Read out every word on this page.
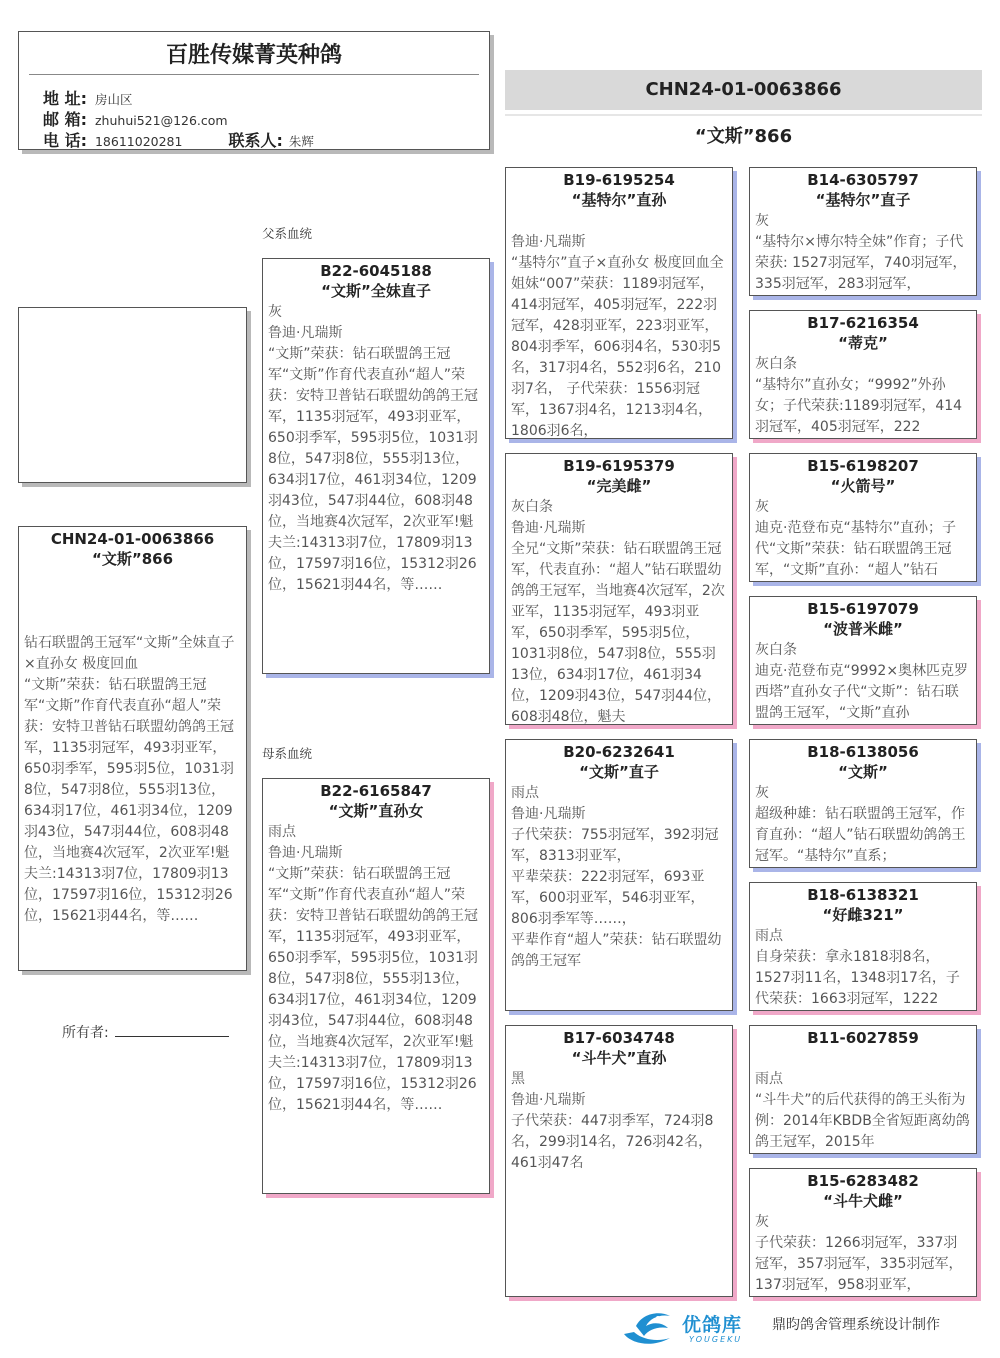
百胜传媒菁英种鸽
地 址: 房山区
邮 箱: zhuhui521@126.com
电 话: 18611020281	联系人: 朱辉
CHN24-01-0063866
“文斯”866
CHN24-01-0063866
“文斯”866
钻石联盟鸽王冠军“文斯”全妹直子×直孙女 极度回血
“文斯”荣获：钻石联盟鸽王冠军“文斯”作育代表直孙“超人”荣获：安特卫普钻石联盟幼鸽鸽王冠军，1135羽冠军，493羽亚军，650羽季军，595羽5位，1031羽8位，547羽8位，555羽13位，634羽17位，461羽34位，1209羽43位，547羽44位，608羽48位，当地赛4次冠军，2次亚军!魁夫兰:14313羽7位，17809羽13位，17597羽16位，15312羽26位，15621羽44名，等……
所有者:
父系血统
母系血统
B22-6045188
“文斯”全妹直子
灰
鲁迪·凡瑞斯
“文斯”荣获：钻石联盟鸽王冠军“文斯”作育代表直孙“超人”荣获：安特卫普钻石联盟幼鸽鸽王冠军，1135羽冠军，493羽亚军，650羽季军，595羽5位，1031羽8位，547羽8位，555羽13位，634羽17位，461羽34位，1209羽43位，547羽44位，608羽48位，当地赛4次冠军，2次亚军!魁夫兰:14313羽7位，17809羽13位，17597羽16位，15312羽26位，15621羽44名，等……
B22-6165847
“文斯”直孙女
雨点
鲁迪·凡瑞斯
“文斯”荣获：钻石联盟鸽王冠军“文斯”作育代表直孙“超人”荣获：安特卫普钻石联盟幼鸽鸽王冠军，1135羽冠军，493羽亚军，650羽季军，595羽5位，1031羽8位，547羽8位，555羽13位，634羽17位，461羽34位，1209羽43位，547羽44位，608羽48位，当地赛4次冠军，2次亚军!魁夫兰:14313羽7位，17809羽13位，17597羽16位，15312羽26位，15621羽44名，等……
B19-6195254
“基特尔”直孙
鲁迪·凡瑞斯
“基特尔”直子×直孙女 极度回血全姐妹“007”荣获：1189羽冠军，414羽冠军，405羽冠军，222羽冠军，428羽亚军，223羽亚军，804羽季军，606羽4名，530羽5名，317羽4名，552羽6名，210羽7名， 子代荣获：1556羽冠军，1367羽4名，1213羽4名，1806羽6名，
B19-6195379
“完美雌”
灰白条
鲁迪·凡瑞斯
全兄“文斯”荣获：钻石联盟鸽王冠军，代表直孙：“超人”钻石联盟幼鸽鸽王冠军，当地赛4次冠军，2次亚军，1135羽冠军，493羽亚军，650羽季军，595羽5位，1031羽8位，547羽8位，555羽13位，634羽17位，461羽34位，1209羽43位，547羽44位，608羽48位，魁夫
B20-6232641
“文斯”直子
雨点
鲁迪·凡瑞斯
子代荣获：755羽冠军，392羽冠军，8313羽亚军，
平辈荣获：222羽冠军，693亚军，600羽亚军，546羽亚军，806羽季军等……，
平辈作育“超人”荣获：钻石联盟幼鸽鸽王冠军
B17-6034748
“斗牛犬”直孙
黑
鲁迪·凡瑞斯
子代荣获：447羽季军，724羽8名，299羽14名，726羽42名，461羽47名
B14-6305797
“基特尔”直子
灰
“基特尔×博尔特全妹”作育；子代荣获: 1527羽冠军，740羽冠军，335羽冠军，283羽冠军，
B17-6216354
“蒂克”
灰白条
“基特尔”直孙女；“9992”外孙女；子代荣获:1189羽冠军，414羽冠军，405羽冠军，222
B15-6198207
“火箭号”
灰
迪克·范登布克“基特尔”直孙；子代“文斯”荣获：钻石联盟鸽王冠军，“文斯”直孙：“超人”钻石
B15-6197079
“波普米雌”
灰白条
迪克·范登布克“9992×奥林匹克罗西塔”直孙女子代“文斯”：钻石联盟鸽王冠军，“文斯”直孙
B18-6138056
“文斯”
灰
超级种雄：钻石联盟鸽王冠军，作育直孙：“超人”钻石联盟幼鸽鸽王冠军。“基特尔”直系；
B18-6138321
“好雌321”
雨点
自身荣获：拿永1818羽8名，1527羽11名，1348羽17名，子代荣获：1663羽冠军，1222
B11-6027859
雨点
“斗牛犬”的后代获得的鸽王头衔为例：2014年KBDB全省短距离幼鸽鸽王冠军，2015年
B15-6283482
“斗牛犬雌”
灰
子代荣获：1266羽冠军，337羽冠军，357羽冠军，335羽冠军，137羽冠军，958羽亚军，
优鸽库
YOUGEKU
鼎昀鸽舍管理系统设计制作
